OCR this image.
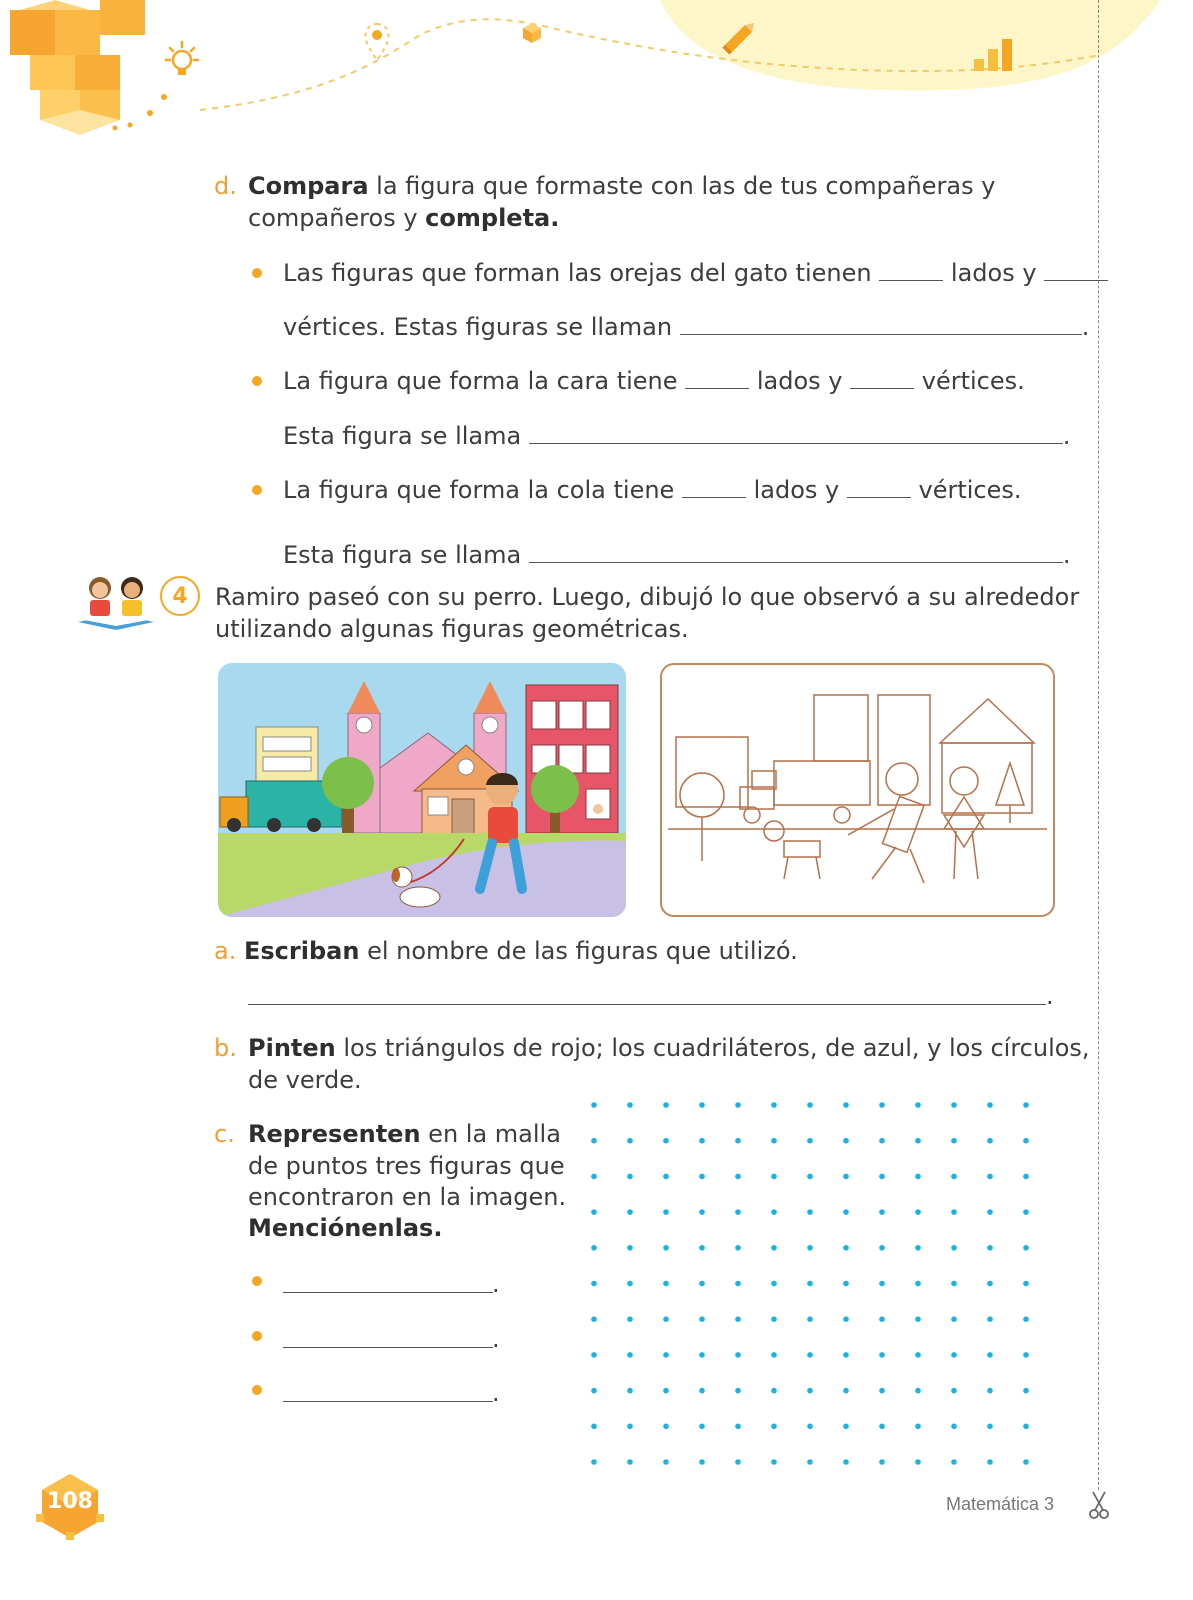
d. Compara la figura que formaste con las de tus compañeras y
compañeros y completa.
Las figuras que forman las orejas del gato tienen	lados y
vértices. Estas figuras se llaman	.
La figura que forma la cara tiene	lados y	vértices.
Esta figura se llama	.
La figura que forma la cola tiene	lados y	vértices.
Esta figura se llama	.
4 Ramiro paseó con su perro. Luego, dibujó lo que observó a su alrededor
utilizando algunas figuras geométricas.
a. Escriban el nombre de las figuras que utilizó.
.
b. Pinten los triángulos de rojo; los cuadriláteros, de azul, y los círculos,
de verde.
c. Representen en la malla
de puntos tres figuras que
encontraron en la imagen.
Menciónenlas.
.
.
.
108	Matemática 3
